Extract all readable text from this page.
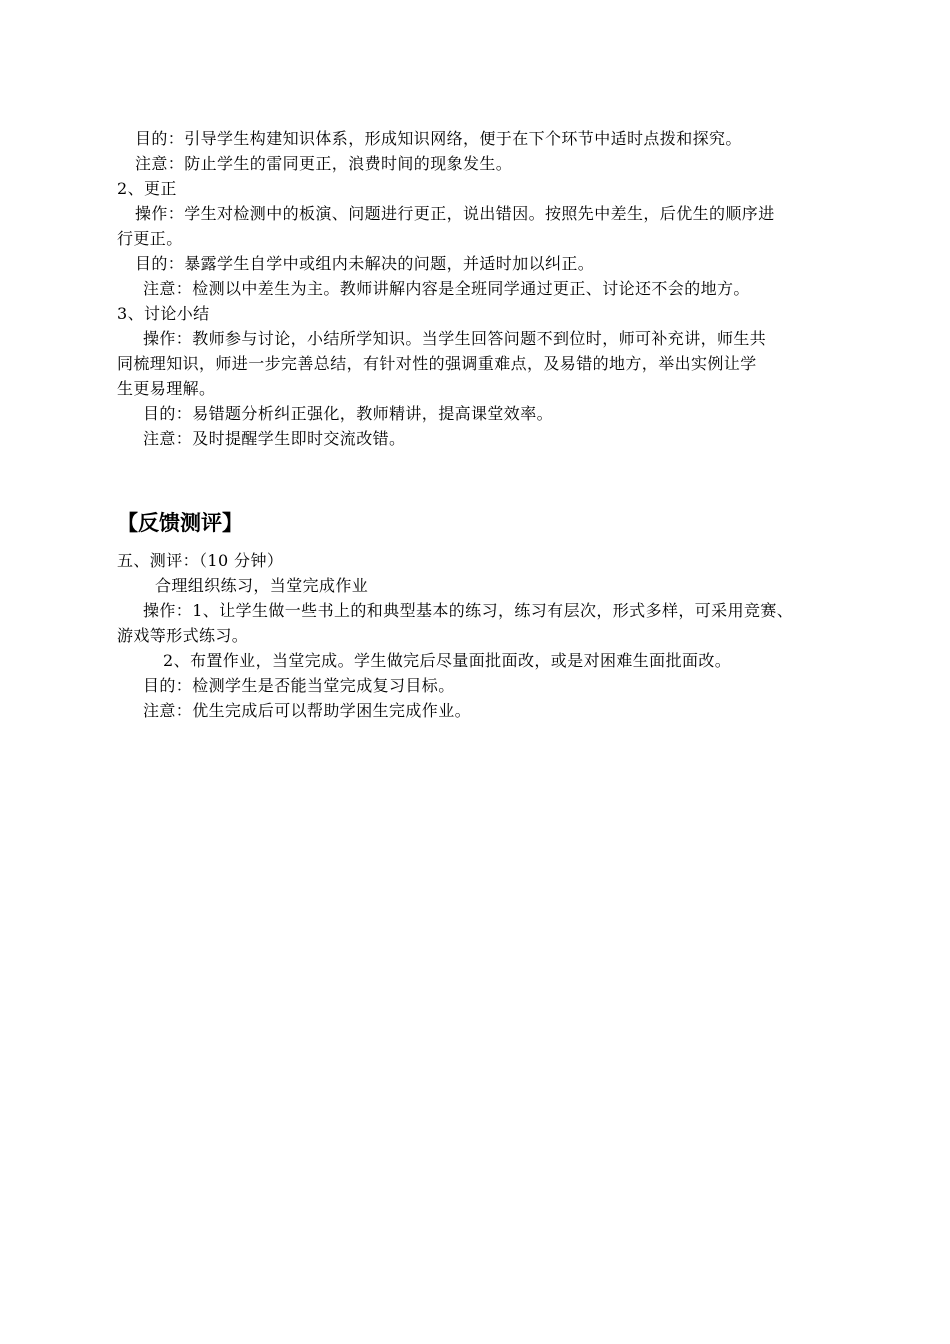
目的：引导学生构建知识体系，形成知识网络，便于在下个环节中适时点拨和探究。
注意：防止学生的雷同更正，浪费时间的现象发生。
2、更正
操作：学生对检测中的板演、问题进行更正，说出错因。按照先中差生，后优生的顺序进
行更正。
目的：暴露学生自学中或组内未解决的问题，并适时加以纠正。
注意：检测以中差生为主。教师讲解内容是全班同学通过更正、讨论还不会的地方。
3、讨论小结
操作：教师参与讨论，小结所学知识。当学生回答问题不到位时，师可补充讲，师生共
同梳理知识，师进一步完善总结，有针对性的强调重难点，及易错的地方，举出实例让学
生更易理解。
目的：易错题分析纠正强化，教师精讲，提高课堂效率。
注意：及时提醒学生即时交流改错。
【反馈测评】
五、测评：（10 分钟）
合理组织练习，当堂完成作业
操作：1、让学生做一些书上的和典型基本的练习，练习有层次，形式多样，可采用竞赛、
游戏等形式练习。
2、布置作业，当堂完成。学生做完后尽量面批面改，或是对困难生面批面改。
目的：检测学生是否能当堂完成复习目标。
注意：优生完成后可以帮助学困生完成作业。
